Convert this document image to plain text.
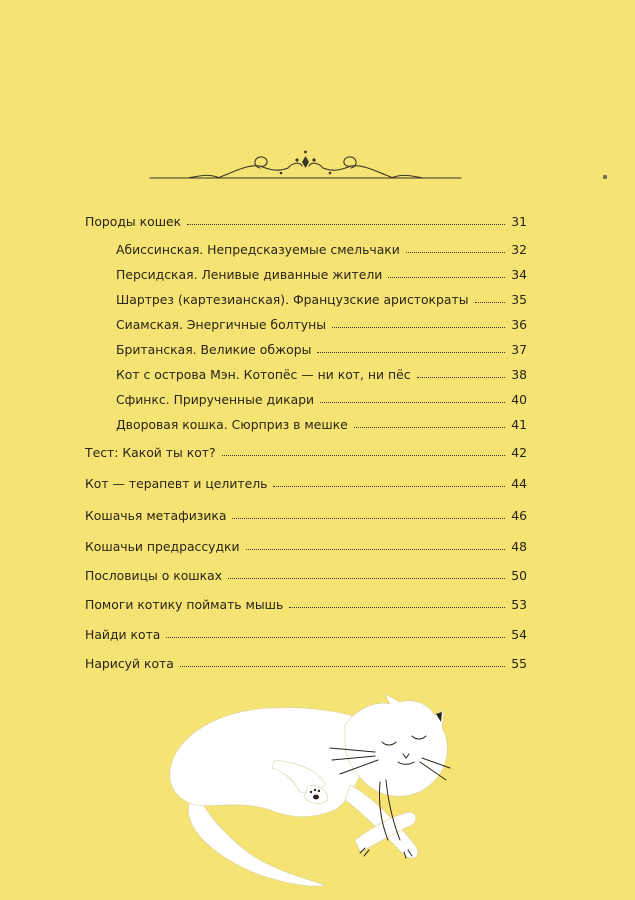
Породы кошек	31
Абиссинская. Непредсказуемые смельчаки	32
Персидская. Ленивые диванные жители	34
Шартрез (картезианская). Французские аристократы	35
Сиамская. Энергичные болтуны	36
Британская. Великие обжоры	37
Кот с острова Мэн. Котопёс — ни кот, ни пёс	38
Сфинкс. Прирученные дикари	40
Дворовая кошка. Сюрприз в мешке	41
Тест: Какой ты кот?	42
Кот — терапевт и целитель	44
Кошачья метафизика	46
Кошачьи предрассудки	48
Пословицы о кошках	50
Помоги котику поймать мышь	53
Найди кота	54
Нарисуй кота	55
